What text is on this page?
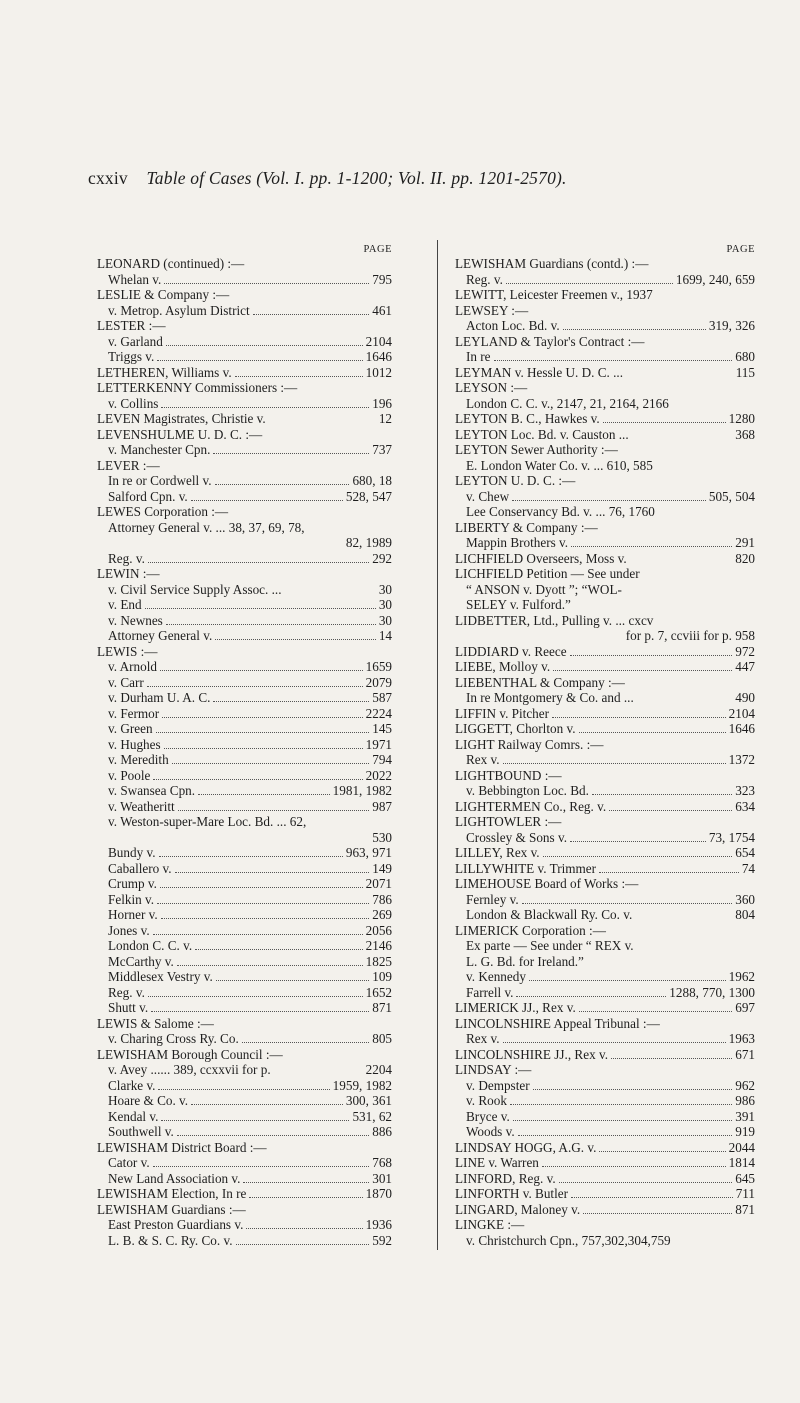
cxxiv Table of Cases (Vol. I. pp. 1-1200; Vol. II. pp. 1201-2570).
PAGE
LEONARD (continued) :—
Whelan v.	795
LESLIE & Company :—
v. Metrop. Asylum District	461
LESTER :—
v. Garland	2104
Triggs v.	1646
LETHEREN, Williams v.	1012
LETTERKENNY Commissioners :—
v. Collins	196
LEVEN Magistrates, Christie v.	12
LEVENSHULME U. D. C. :—
v. Manchester Cpn.	737
LEVER :—
In re or Cordwell v.	680, 18
Salford Cpn. v.	528, 547
LEWES Corporation :—
Attorney General v. ... 38, 37, 69, 78,
82, 1989
Reg. v.	292
LEWIN :—
v. Civil Service Supply Assoc. ...	30
v. End	30
v. Newnes	30
Attorney General v.	14
LEWIS :—
v. Arnold	1659
v. Carr	2079
v. Durham U. A. C.	587
v. Fermor	2224
v. Green	145
v. Hughes	1971
v. Meredith	794
v. Poole	2022
v. Swansea Cpn.	1981, 1982
v. Weatheritt	987
v. Weston-super-Mare Loc. Bd. ... 62,
530
Bundy v.	963, 971
Caballero v.	149
Crump v.	2071
Felkin v.	786
Horner v.	269
Jones v.	2056
London C. C. v.	2146
McCarthy v.	1825
Middlesex Vestry v.	109
Reg. v.	1652
Shutt v.	871
LEWIS & Salome :—
v. Charing Cross Ry. Co.	805
LEWISHAM Borough Council :—
v. Avey ...... 389, ccxxvii for p.	2204
Clarke v.	1959, 1982
Hoare & Co. v.	300, 361
Kendal v.	531, 62
Southwell v.	886
LEWISHAM District Board :—
Cator v.	768
New Land Association v.	301
LEWISHAM Election, In re	1870
LEWISHAM Guardians :—
East Preston Guardians v.	1936
L. B. & S. C. Ry. Co. v.	592
PAGE
LEWISHAM Guardians (contd.) :—
Reg. v.	1699, 240, 659
LEWITT, Leicester Freemen v., 1937
LEWSEY :—
Acton Loc. Bd. v.	319, 326
LEYLAND & Taylor's Contract :—
In re	680
LEYMAN v. Hessle U. D. C. ...	115
LEYSON :—
London C. C. v., 2147, 21, 2164, 2166
LEYTON B. C., Hawkes v.	1280
LEYTON Loc. Bd. v. Causton ...	368
LEYTON Sewer Authority :—
E. London Water Co. v. ... 610, 585
LEYTON U. D. C. :—
v. Chew	505, 504
Lee Conservancy Bd. v. ... 76, 1760
LIBERTY & Company :—
Mappin Brothers v.	291
LICHFIELD Overseers, Moss v.	820
LICHFIELD Petition — See under
“ ANSON v. Dyott ”; “WOL-
SELEY v. Fulford.”
LIDBETTER, Ltd., Pulling v. ... cxcv
for p. 7, ccviii for p. 958
LIDDIARD v. Reece	972
LIEBE, Molloy v.	447
LIEBENTHAL & Company :—
In re Montgomery & Co. and ...	490
LIFFIN v. Pitcher	2104
LIGGETT, Chorlton v.	1646
LIGHT Railway Comrs. :—
Rex v.	1372
LIGHTBOUND :—
v. Bebbington Loc. Bd.	323
LIGHTERMEN Co., Reg. v.	634
LIGHTOWLER :—
Crossley & Sons v.	73, 1754
LILLEY, Rex v.	654
LILLYWHITE v. Trimmer	74
LIMEHOUSE Board of Works :—
Fernley v.	360
London & Blackwall Ry. Co. v.	804
LIMERICK Corporation :—
Ex parte — See under “ REX v.
L. G. Bd. for Ireland.”
v. Kennedy	1962
Farrell v.	1288, 770, 1300
LIMERICK JJ., Rex v.	697
LINCOLNSHIRE Appeal Tribunal :—
Rex v.	1963
LINCOLNSHIRE JJ., Rex v.	671
LINDSAY :—
v. Dempster	962
v. Rook	986
Bryce v.	391
Woods v.	919
LINDSAY HOGG, A.G. v.	2044
LINE v. Warren	1814
LINFORD, Reg. v.	645
LINFORTH v. Butler	711
LINGARD, Maloney v.	871
LINGKE :—
v. Christchurch Cpn., 757,302,304,759
